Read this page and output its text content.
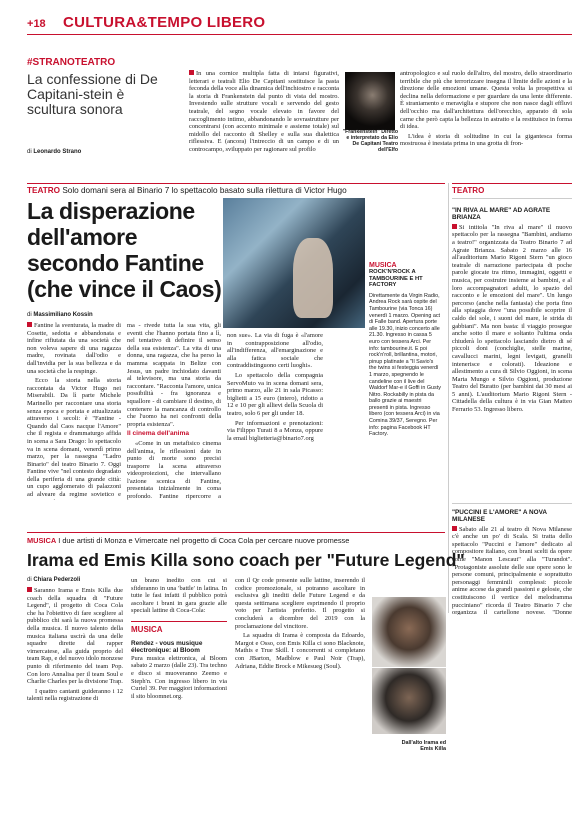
+18 CULTURA&TEMPO LIBERO
#STRANOTEATRO
La confessione di De Capitani-stein è scultura sonora
di Leonardo Strano

In una cornice multipla fatta di intarsi figurativi, letterari e teatrali Elio De Capitani sostituisce la pasta feconda della voce alla dinamica dell'inchiostro e racconta la storia di Frankenstein dal punto di vista del mostro. Investendo sulle strutture vocali e servendo del gesto teatrale, del segno vocale elevato in favore del raccoglimento intimo, abbandonando le sovrastrutture per concentrarsi (con accento minimale e assieme totale) sul midollo del racconto di Shelley e sulla sua dialettica riflessiva. E (ancora) l'intreccio di un campo e di un controcampo, sviluppato per ragionare sul profilo

"Frankenstein" Diretto e interpretato da Elio De Capitani Teatro dell'Elfo

antropologico e sul ruolo dell'altro, del mostro, dello straordinario terribile che più che terrorizzare insegna il limite delle azioni e la direzione delle emozioni umane. Questa volta la prospettiva si declina nella deformazione e per guardare da una lente differente. È straniamento e meraviglia e stupore che non nasce dagli effluvi dell'occhio ma dall'architettura dell'orecchio, apparato di sola carne che però capta la bellezza in astratto e la restituisce in forma di idea.

L'idea è storia di solitudine in cui la gigantesca forma mostruosa è inestata prima in una grotta di fron-

TEATRO Solo domani sera al Binario 7 lo spettacolo basato sulla rilettura di Victor Hugo
La disperazione dell'amore secondo Fantine (che vince il Caos)
di Massimiliano Kossin

Fantine la sventurata, la madre di Cosette, sedotta e abbandonata e infine rifiutata da una società che non voleva sapere di una ragazza madre, rovinata dall'odio e dall'invidia per la sua bellezza e da una società che la respinge.

Ecco la storia nella storia raccontata da Victor Hugo nei Miserabili. Da lì parte Michele Marinello per raccontare una storia senza epoca e portata e attualizzata attraverso i secoli: è "Fantine - Quando dal Caos nacque l'Amore" che il regista e drammaturgo affida in scena a Sara Drago: lo spettacolo va in scena domani, venerdì primo marzo, per la rassegna "Ladro Binario" del teatro Binario 7. Oggi Fantine vive "nel contesto degradato della periferia di una grande città: un cupo agglomerato di palazzoni ad alveare da regime sovietico e

ma - rivede tutta la sua vita, gli eventi che l'hanno portata fino a lì, nel tentativo di definire il senso della sua esistenza". La vita di una donna, una ragazza, che ha perso la mamma scappata in Belize con Jesus, un padre inchiodato davanti al televisore, ma una storia da raccontare. "Racconta l'amore, unica possibilità - fra ignoranza e squallore - di cambiare il destino, di contenere la mancanza di controllo che l'uomo ha nei confronti della propria esistenza".

Il cinema dell'anima

«Come in un metafisico cinema dell'anima, le riflessioni date in punto di morte sono precisi trasporre la scena attraverso videoproiezioni, che intervallano l'azione scenica di Fantine, presentata inizialmente in coma profondo. Fantine ripercorre a

non sue». La via di fuga è «l'amore in contrapposizione all'odio, all'indifferenza, all'emarginazione e alla fatica sociale che contraddistinguono certi luoghi».

Lo spettacolo della compagnia ServoMuto va in scena domani sera, primo marzo, alle 21 in sala Picasso: biglietti a 15 euro (intero), ridotto a 12 e 10 per gli allievi della Scuola di teatro, solo 6 per gli under 18.

Per informazioni e prenotazioni: via Filippo Turati 8 a Monza, oppure la email biglietteria@binario7.org

MUSICA
ROCK'N'ROCK A TAMBOURINE E HT FACTORY
Direttamente da Virgin Radio, Andrea Rock sarà ospite del Tambourine (via Tonca 16) venerdì 1 marzo. Opening act di Falle band. Apertura porte alle 19.30, inizio concerto alle 21.30. Ingresso in cassa 5 euro con tessera Arci. Per info: tambourine.it. E poi rock'n'roll, brillantina, motori, pinup platinate a "Il Savio's the twins si festeggia venerdì 1 marzo, spegnendo le candeline con il live del Waldorf Mar-e il Goffi in Gusty Nitro. Rockabilly in pista da ballo grazie ai maestri presenti in pista. Ingresso libero (con tessera Arci) in via Comina 39/37, Seregno. Per info: pagina Facebook HT Factory.
TEATRO
"IN RIVA AL MARE" AD AGRATE BRIANZA

Si intitola "In riva al mare" il nuovo spettacolo per la rassegna "Bambini, andiamo a teatro!" organizzata da Teatro Binario 7 ad Agrate Brianza. Sabato 2 marzo alle 16 all'auditorium Mario Rigoni Stern "un gioco teatrale di narrazione partecipata di poche parole giocate tra ritmo, immagini, oggetti e musica, per costruire insieme ai bambini, e al loro accompagnatori adulti, lo spazio del racconto e le emozioni del mare". Un lungo percorso (anche nella fantasia) che porta fino alla spiaggia dove "una possibile scoprire il caldo del sole, i suoni del mare, le strida di gabbiani". Ma non basta: il viaggio prosegue anche sotto il mare e soltanto l'ultima onda chiuderà lo spettacolo lasciando dietro di sé piccoli doni (conchiglie, stelle marine, cavallucci marini, legni levigati, granelli intenerisce e colorati). Ideazione e allestimento a cura di Silvio Oggioni, in scena Marta Mungo e Silvio Oggioni, produzione Teatro del Buratto (per bambini dai 30 mesi ai 5 anni). L'auditorium Mario Rigoni Stern - Cittadella della cultura è in via Gian Matteo Ferrario 53. Ingresso libero.

"PUCCINI E L'AMORE" A NOVA MILANESE

Sabato alle 21 al teatro di Nova Milanese c'è anche un po' di Scala. Si tratta dello spettacolo "Puccini e l'amore" dedicato al compositore italiano, con brani scelti da opere come "Manon Lescaut" alla "Turandot". "Protagoniste assolute delle sue opere sono le persone comuni, principalmente e soprattutto personaggi femminili complessi: piccole anime accese da grandi passioni e gelosie, che costituiscono il vertice del melodramma pucciniano" ricorda il Teatro Binario 7 che organizza il cartellone novese. "Donne

MUSICA I due artisti di Monza e Vimercate nel progetto di Coca Cola per cercare nuove promesse
Irama ed Emis Killa sono coach per "Future Legend"
di Chiara Pederzoli

Saranno Irama e Emis Killa due coach della squadra di "Future Legend", il progetto di Coca Cola che ha l'obiettivo di fare scegliere al pubblico chi sarà la nuova promessa della musica. Il nuovo talento della musica italiana uscirà da una delle squadre dirette dal rapper vimercatese, alla guida proprio del team Rap, e del nuovo idolo monzese punto di riferimento del team Pop. Con loro Annalisa per il team Soul e Charlie Charles per la divisione Trap.

I quattro cantanti guideranno i 12 talenti nella registrazione di

un brano inedito con cui si sfideranno in una 'battle' in latina. In tutte le fasi infatti il pubblico potrà ascoltare i brani in gara grazie alle speciali lattine di Coca-Cola:

MUSICA
Rendez - vous musique électronique: al Bloom

Pura musica elettronica, al Bloom sabato 2 marzo (dalle 23). Tra techno e disco si muoveranno Zeemo e Steph'n. Con ingresso libero in via Curiel 39. Per maggiori informazioni il sito bloomnet.org.

con il Qr code presente sulle lattine, inserendo il codice promozionale, si potranno ascoltare in esclusiva gli inediti delle Future Legend e da questa settimana scegliere esprimendo il proprio voto per l'artista preferito. Il progetto si concluderà a dicembre del 2019 con la proclamazione del vincitore.

La squadra di Irama è composta da Edoardo, Margot e Osso, con Emis Killa ci sono Blacknote, Mathis e True Skill. I concorrenti si completano con JBarton, Madblow e Paul Noir (Trap), Adriana, Eddie Brock e Mikesueg (Soul).

Dall'alto Irama ed Emis Killa
